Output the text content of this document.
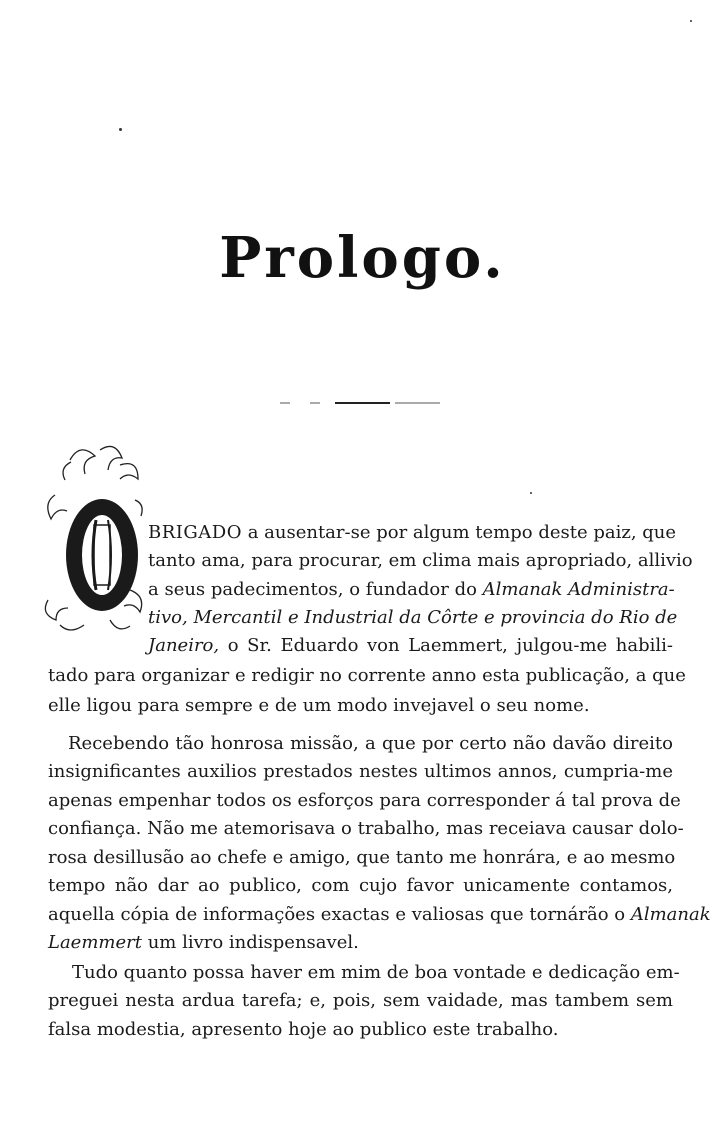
Prologo.
BRIGADO a ausentar-se por algum tempo deste paiz, que
tanto ama, para procurar, em clima mais apropriado, allivio
a seus padecimentos, o fundador do Almanak Administra-
tivo, Mercantil e Industrial da Côrte e provincia do Rio de
Janeiro, o Sr. Eduardo von Laemmert, julgou-me habili-
tado para organizar e redigir no corrente anno esta publicação, a que
elle ligou para sempre e de um modo invejavel o seu nome.
Recebendo tão honrosa missão, a que por certo não davão direito
insignificantes auxilios prestados nestes ultimos annos, cumpria-me
apenas empenhar todos os esforços para corresponder á tal prova de
confiança. Não me atemorisava o trabalho, mas receiava causar dolo-
rosa desillusão ao chefe e amigo, que tanto me honrára, e ao mesmo
tempo não dar ao publico, com cujo favor unicamente contamos,
aquella cópia de informações exactas e valiosas que tornárão o Almanak
Laemmert um livro indispensavel.
Tudo quanto possa haver em mim de boa vontade e dedicação em-
preguei nesta ardua tarefa; e, pois, sem vaidade, mas tambem sem
falsa modestia, apresento hoje ao publico este trabalho.
